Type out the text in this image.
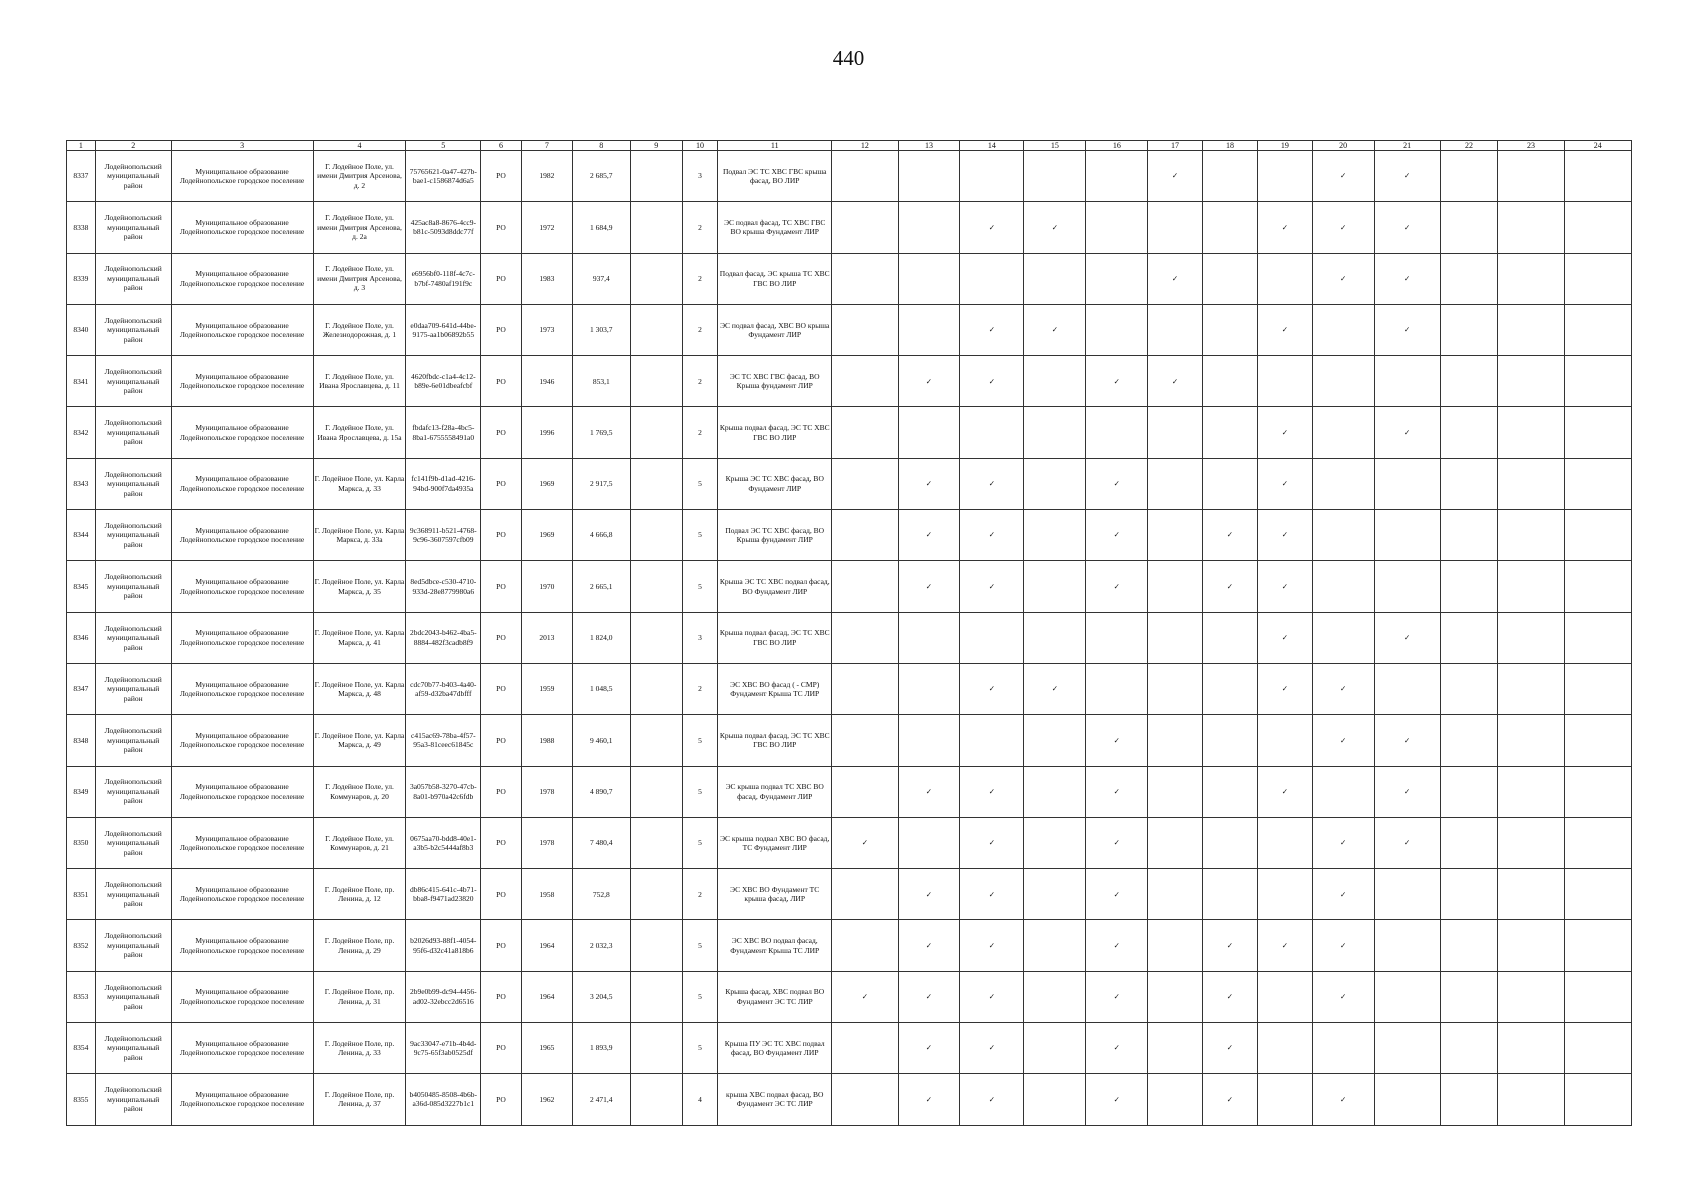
440
1	2	3	4	5	6	7	8	9	10	11	12	13	14	15	16	17	18	19	20	21	22	23	24
8337	Лодейнопольский муниципальный район	Муниципальное образование Лодейнопольское городское поселение	Г. Лодейное Поле, ул. имени Дмитрия Арсенова, д. 2	75765621-0a47-427b-bae1-c1586874d6a5	РО	1982	2 685,7		3	Подвал ЭС ТС ХВС ГВС крыша фасад, ВО ЛИР						✓			✓	✓			
8338	Лодейнопольский муниципальный район	Муниципальное образование Лодейнопольское городское поселение	Г. Лодейное Поле, ул. имени Дмитрия Арсенова, д. 2а	425ac8a8-8676-4cc9-b81c-5093d8ddc77f	РО	1972	1 684,9		2	ЭС подвал фасад, ТС ХВС ГВС ВО крыша Фундамент ЛИР			✓	✓				✓	✓	✓			
8339	Лодейнопольский муниципальный район	Муниципальное образование Лодейнопольское городское поселение	Г. Лодейное Поле, ул. имени Дмитрия Арсенова, д. 3	e6956bf0-118f-4c7c-b7bf-7480af191f9c	РО	1983	937,4		2	Подвал фасад, ЭС крыша ТС ХВС ГВС ВО ЛИР						✓			✓	✓			
8340	Лодейнопольский муниципальный район	Муниципальное образование Лодейнопольское городское поселение	Г. Лодейное Поле, ул. Железнодорожная, д. 1	e0daa709-641d-44be-9175-aa1b06892b55	РО	1973	1 303,7		2	ЭС подвал фасад, ХВС ВО крыша Фундамент ЛИР			✓	✓				✓		✓			
8341	Лодейнопольский муниципальный район	Муниципальное образование Лодейнопольское городское поселение	Г. Лодейное Поле, ул. Ивана Ярославцева, д. 11	4620fbdc-c1a4-4c12-b89e-6e01dbeafcbf	РО	1946	853,1		2	ЭС ТС ХВС ГВС фасад, ВО Крыша фундамент ЛИР		✓	✓		✓	✓							
8342	Лодейнопольский муниципальный район	Муниципальное образование Лодейнопольское городское поселение	Г. Лодейное Поле, ул. Ивана Ярославцева, д. 15а	fbdafc13-f28a-4bc5-8ba1-6755558491a0	РО	1996	1 769,5		2	Крыша подвал фасад, ЭС ТС ХВС ГВС ВО ЛИР								✓		✓			
8343	Лодейнопольский муниципальный район	Муниципальное образование Лодейнопольское городское поселение	Г. Лодейное Поле, ул. Карла Маркса, д. 33	fc141f9b-d1ad-4216-94bd-900f7da4935a	РО	1969	2 917,5		5	Крыша ЭС ТС ХВС фасад, ВО Фундамент ЛИР		✓	✓		✓			✓					
8344	Лодейнопольский муниципальный район	Муниципальное образование Лодейнопольское городское поселение	Г. Лодейное Поле, ул. Карла Маркса, д. 33а	9c368911-b521-4768-9c96-3607597cfb09	РО	1969	4 666,8		5	Подвал ЭС ТС ХВС фасад, ВО Крыша фундамент ЛИР		✓	✓		✓		✓	✓					
8345	Лодейнопольский муниципальный район	Муниципальное образование Лодейнопольское городское поселение	Г. Лодейное Поле, ул. Карла Маркса, д. 35	8ed5dbce-c530-4710-933d-28e8779980a6	РО	1970	2 665,1		5	Крыша ЭС ТС ХВС подвал фасад, ВО Фундамент ЛИР		✓	✓		✓		✓	✓					
8346	Лодейнопольский муниципальный район	Муниципальное образование Лодейнопольское городское поселение	Г. Лодейное Поле, ул. Карла Маркса, д. 41	2bdc2043-b462-4ba5-8884-482f3cadb8f9	РО	2013	1 824,0		3	Крыша подвал фасад, ЭС ТС ХВС ГВС ВО ЛИР								✓		✓			
8347	Лодейнопольский муниципальный район	Муниципальное образование Лодейнопольское городское поселение	Г. Лодейное Поле, ул. Карла Маркса, д. 48	cdc70b77-b403-4a40-af59-d32ba47dbfff	РО	1959	1 048,5		2	ЭС ХВС ВО фасад ( - СМР) Фундамент Крыша ТС ЛИР			✓	✓				✓	✓				
8348	Лодейнопольский муниципальный район	Муниципальное образование Лодейнопольское городское поселение	Г. Лодейное Поле, ул. Карла Маркса, д. 49	c415ac69-78ba-4f57-95a3-81ceec61845c	РО	1988	9 460,1		5	Крыша подвал фасад, ЭС ТС ХВС ГВС ВО ЛИР					✓				✓	✓			
8349	Лодейнопольский муниципальный район	Муниципальное образование Лодейнопольское городское поселение	Г. Лодейное Поле, ул. Коммунаров, д. 20	3a057b58-3270-47cb-8a01-b970a42c6fdb	РО	1978	4 890,7		5	ЭС крыша подвал ТС ХВС ВО фасад, Фундамент ЛИР		✓	✓		✓			✓		✓			
8350	Лодейнопольский муниципальный район	Муниципальное образование Лодейнопольское городское поселение	Г. Лодейное Поле, ул. Коммунаров, д. 21	0675aa70-bdd8-40e1-a3b5-b2c5444af8b3	РО	1978	7 480,4		5	ЭС крыша подвал ХВС ВО фасад, ТС Фундамент ЛИР	✓		✓		✓				✓	✓			
8351	Лодейнопольский муниципальный район	Муниципальное образование Лодейнопольское городское поселение	Г. Лодейное Поле, пр. Ленина, д. 12	db86c415-641c-4b71-bba8-f9471ad23820	РО	1958	752,8		2	ЭС ХВС ВО Фундамент ТС крыша фасад, ЛИР		✓	✓		✓				✓				
8352	Лодейнопольский муниципальный район	Муниципальное образование Лодейнопольское городское поселение	Г. Лодейное Поле, пр. Ленина, д. 29	b2026d93-88f1-4054-95f6-d32c41a818b6	РО	1964	2 032,3		5	ЭС ХВС ВО подвал фасад, Фундамент Крыша ТС ЛИР		✓	✓		✓		✓	✓	✓				
8353	Лодейнопольский муниципальный район	Муниципальное образование Лодейнопольское городское поселение	Г. Лодейное Поле, пр. Ленина, д. 31	2b9e0b99-dc94-4456-ad02-32ebcc2d6516	РО	1964	3 204,5		5	Крыша фасад, ХВС подвал ВО Фундамент ЭС ТС ЛИР	✓	✓	✓		✓		✓		✓				
8354	Лодейнопольский муниципальный район	Муниципальное образование Лодейнопольское городское поселение	Г. Лодейное Поле, пр. Ленина, д. 33	9ac33047-e71b-4b4d-9c75-65f3ab0525df	РО	1965	1 893,9		5	Крыша ПУ ЭС ТС ХВС подвал фасад, ВО Фундамент ЛИР		✓	✓		✓		✓						
8355	Лодейнопольский муниципальный район	Муниципальное образование Лодейнопольское городское поселение	Г. Лодейное Поле, пр. Ленина, д. 37	b4050485-8508-4b6b-a36d-085d3227b1c1	РО	1962	2 471,4		4	крыша ХВС подвал фасад, ВО Фундамент ЭС ТС ЛИР		✓	✓		✓		✓		✓				
